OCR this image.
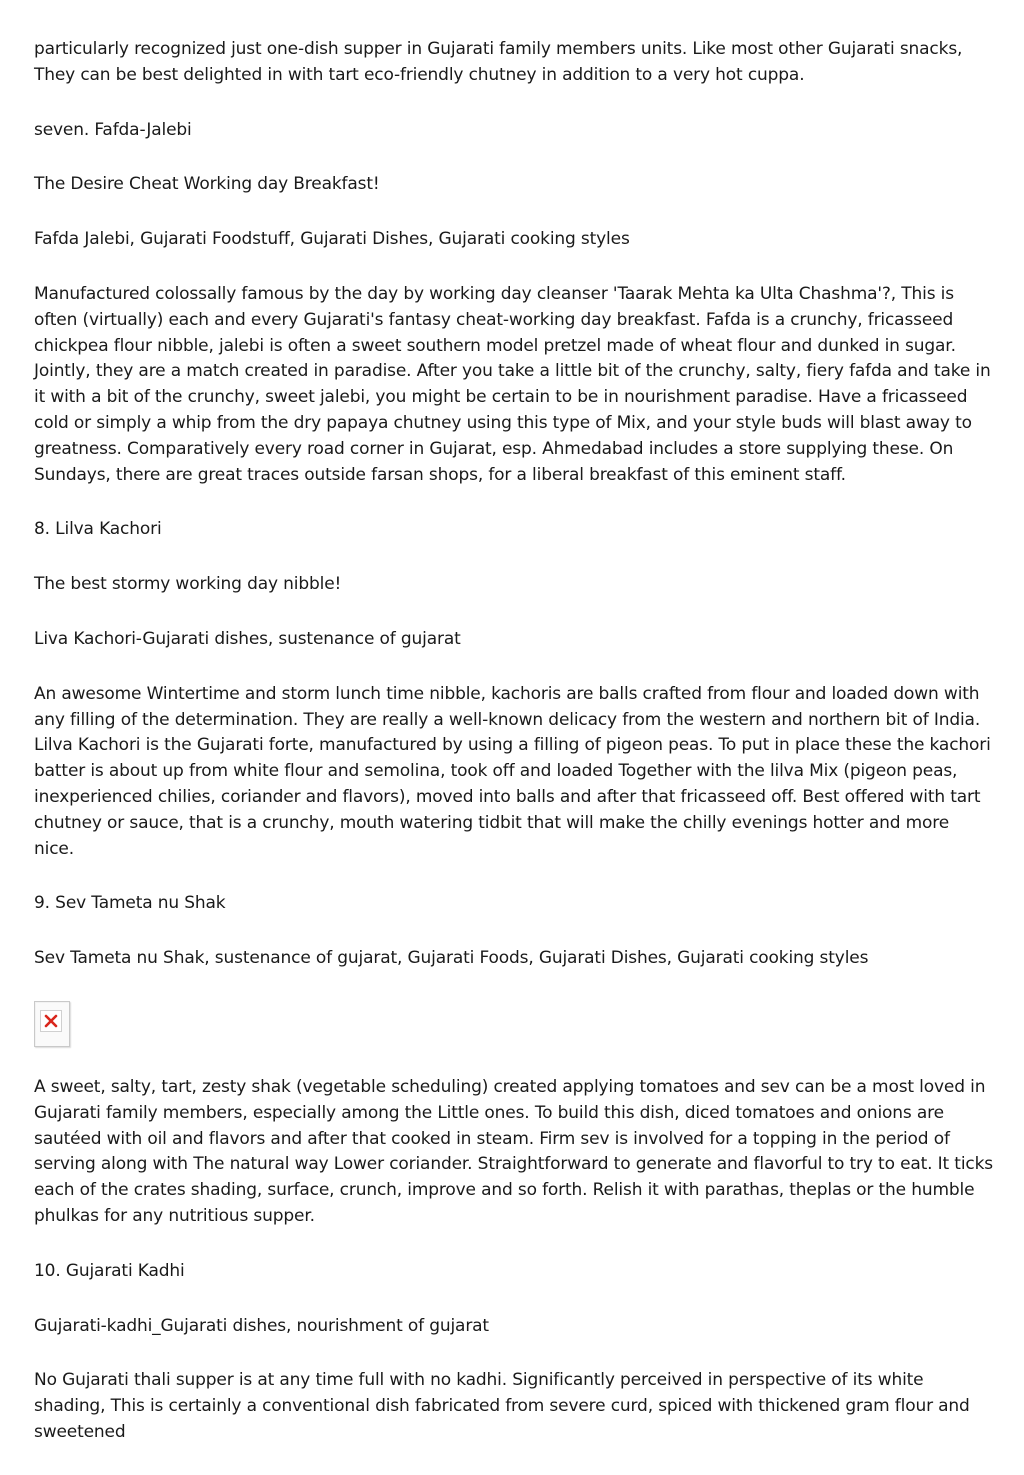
particularly recognized just one-dish supper in Gujarati family members units. Like most other Gujarati snacks, They can be best delighted in with tart eco-friendly chutney in addition to a very hot cuppa.

seven. Fafda-Jalebi

The Desire Cheat Working day Breakfast!

Fafda Jalebi, Gujarati Foodstuff, Gujarati Dishes, Gujarati cooking styles

Manufactured colossally famous by the day by working day cleanser 'Taarak Mehta ka Ulta Chashma'?, This is often (virtually) each and every Gujarati's fantasy cheat-working day breakfast. Fafda is a crunchy, fricasseed chickpea flour nibble, jalebi is often a sweet southern model pretzel made of wheat flour and dunked in sugar. Jointly, they are a match created in paradise. After you take a little bit of the crunchy, salty, fiery fafda and take in it with a bit of the crunchy, sweet jalebi, you might be certain to be in nourishment paradise. Have a fricasseed cold or simply a whip from the dry papaya chutney using this type of Mix, and your style buds will blast away to greatness. Comparatively every road corner in Gujarat, esp. Ahmedabad includes a store supplying these. On Sundays, there are great traces outside farsan shops, for a liberal breakfast of this eminent staff.

8. Lilva Kachori

The best stormy working day nibble!

Liva Kachori-Gujarati dishes, sustenance of gujarat

An awesome Wintertime and storm lunch time nibble, kachoris are balls crafted from flour and loaded down with any filling of the determination. They are really a well-known delicacy from the western and northern bit of India. Lilva Kachori is the Gujarati forte, manufactured by using a filling of pigeon peas. To put in place these the kachori batter is about up from white flour and semolina, took off and loaded Together with the lilva Mix (pigeon peas, inexperienced chilies, coriander and flavors), moved into balls and after that fricasseed off. Best offered with tart chutney or sauce, that is a crunchy, mouth watering tidbit that will make the chilly evenings hotter and more nice.

9. Sev Tameta nu Shak

Sev Tameta nu Shak, sustenance of gujarat, Gujarati Foods, Gujarati Dishes, Gujarati cooking styles

A sweet, salty, tart, zesty shak (vegetable scheduling) created applying tomatoes and sev can be a most loved in Gujarati family members, especially among the Little ones. To build this dish, diced tomatoes and onions are sautéed with oil and flavors and after that cooked in steam. Firm sev is involved for a topping in the period of serving along with The natural way Lower coriander. Straightforward to generate and flavorful to try to eat. It ticks each of the crates shading, surface, crunch, improve and so forth. Relish it with parathas, theplas or the humble phulkas for any nutritious supper.

10. Gujarati Kadhi

Gujarati-kadhi_Gujarati dishes, nourishment of gujarat

No Gujarati thali supper is at any time full with no kadhi. Significantly perceived in perspective of its white shading, This is certainly a conventional dish fabricated from severe curd, spiced with thickened gram flour and sweetened
